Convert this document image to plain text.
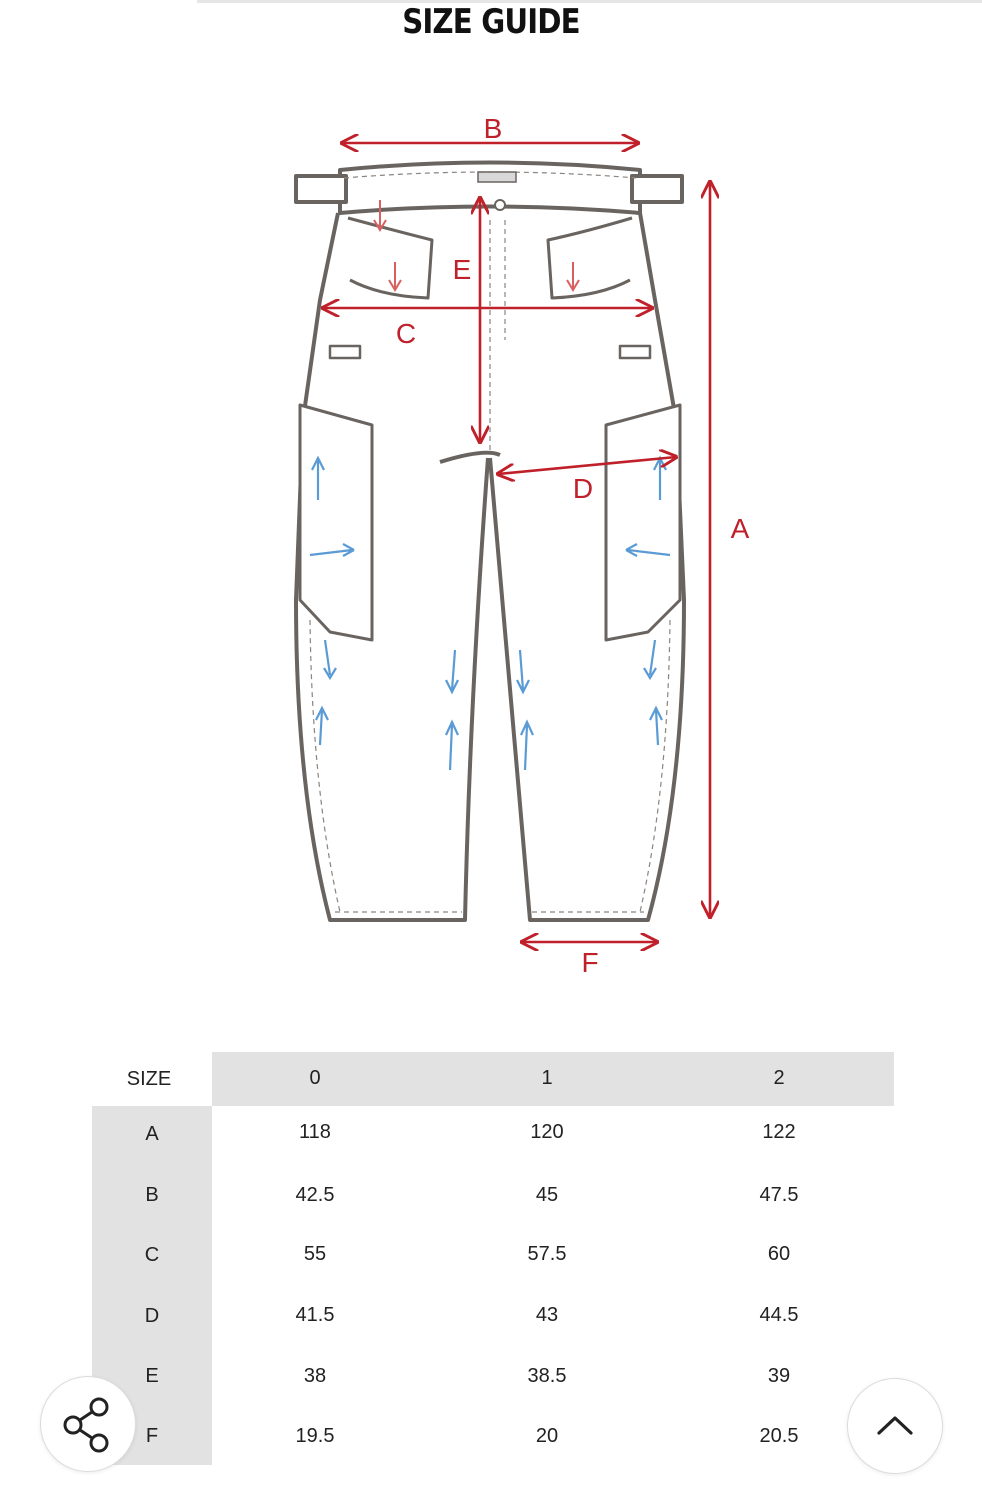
SIZE GUIDE
B
A
C
D
E
F
SIZE	0	1	2
A	118	120	122
B	42.5	45	47.5
C	55	57.5	60
D	41.5	43	44.5
E	38	38.5	39
F	19.5	20	20.5
